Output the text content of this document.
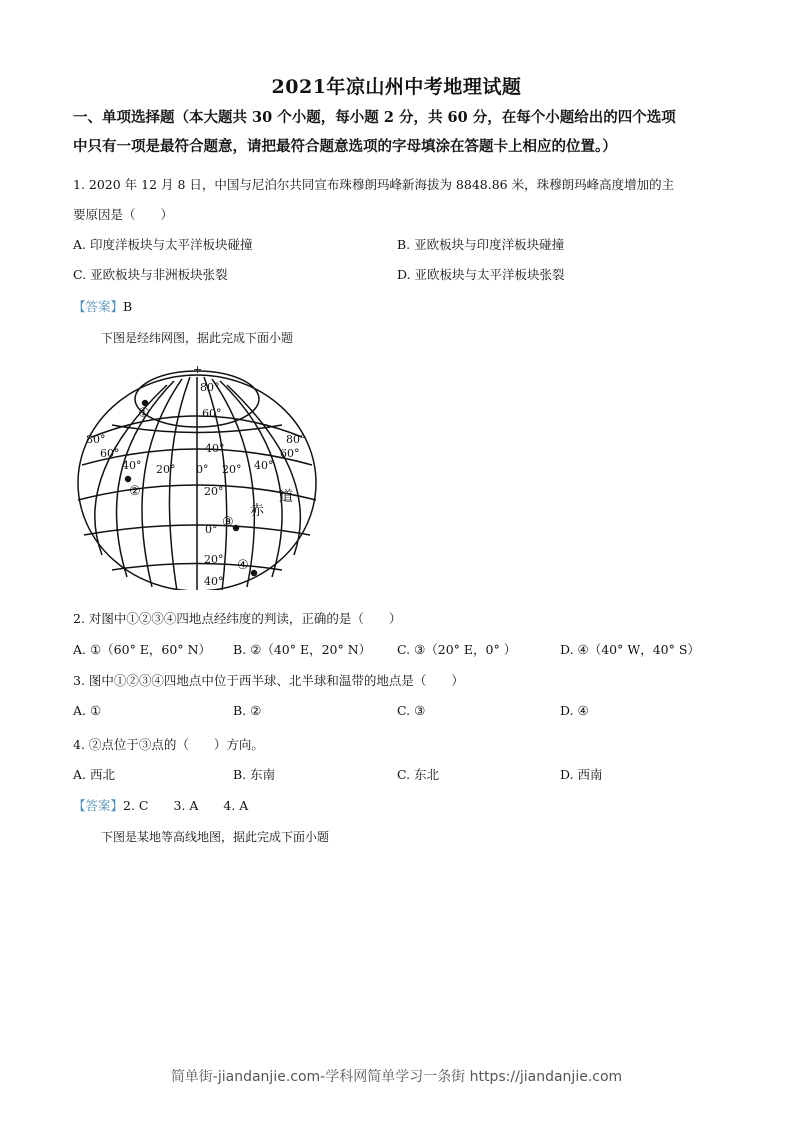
2021年凉山州中考地理试题
一、单项选择题（本大题共 30 个小题，每小题 2 分，共 60 分，在每个小题给出的四个选项
中只有一项是最符合题意，请把最符合题意选项的字母填涂在答题卡上相应的位置。）
1. 2020 年 12 月 8 日，中国与尼泊尔共同宣布珠穆朗玛峰新海拔为 8848.86 米，珠穆朗玛峰高度增加的主
要原因是（　　）
A. 印度洋板块与太平洋板块碰撞	B. 亚欧板块与印度洋板块碰撞
C. 亚欧板块与非洲板块张裂	D. 亚欧板块与太平洋板块张裂
【答案】B
下图是经纬网图，据此完成下面小题
+
80°
60°
40°
80°
60°
40° 20° 0° 20° 40°
60°
80°
20°
0°
20°
40°
赤
道
①
②
③
④
2. 对图中①②③④四地点经纬度的判读，正确的是（　　）
A. ①（60° E，60° N） B. ②（40° E，20° N） C. ③（20° E，0° ）	D. ④（40° W，40° S）
3. 图中①②③④四地点中位于西半球、北半球和温带的地点是（　　）
A. ①	B. ②	C. ③	D. ④
4. ②点位于③点的（　　）方向。
A. 西北	B. 东南	C. 东北	D. 西南
【答案】2. C　　3. A　　4. A
下图是某地等高线地图，据此完成下面小题
简单街-jiandanjie.com-学科网简单学习一条街 https://jiandanjie.com
